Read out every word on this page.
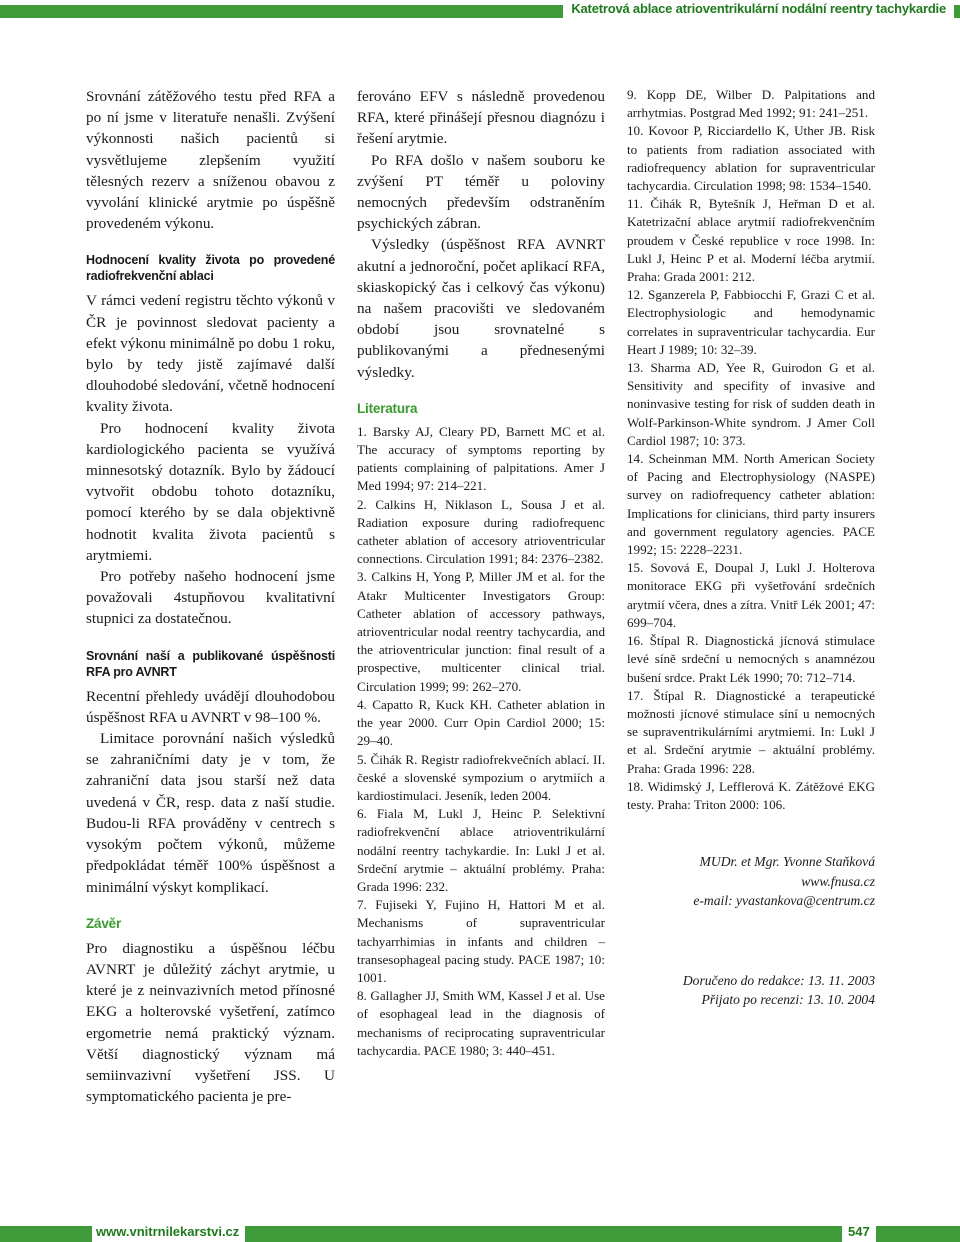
Katetrová ablace atrioventrikulární nodální reentry tachykardie

Srovnání zátěžového testu před RFA a po ní jsme v literatuře nenašli. Zvýšení výkonnosti našich pacientů si vysvětlujeme zlepšením využití tělesných rezerv a sníženou obavou z vyvolání klinické arytmie po úspěšně provedeném výkonu.

Hodnocení kvality života po provedené radiofrekvenční ablaci

V rámci vedení registru těchto výkonů v ČR je povinnost sledovat pacienty a efekt výkonu minimálně po dobu 1 roku, bylo by tedy jistě zajímavé další dlouhodobé sledování, včetně hodnocení kvality života.

Pro hodnocení kvality života kardiologického pacienta se využívá minnesotský dotazník. Bylo by žádoucí vytvořit obdobu tohoto dotazníku, pomocí kterého by se dala objektivně hodnotit kvalita života pacientů s arytmiemi.

Pro potřeby našeho hodnocení jsme považovali 4stupňovou kvalitativní stupnici za dostatečnou.

Srovnání naší a publikované úspěšnosti RFA pro AVNRT

Recentní přehledy uvádějí dlouhodobou úspěšnost RFA u AVNRT v 98–100 %.

Limitace porovnání našich výsledků se zahraničními daty je v tom, že zahraniční data jsou starší než data uvedená v ČR, resp. data z naší studie. Budou-li RFA prováděny v centrech s vysokým počtem výkonů, můžeme předpokládat téměř 100% úspěšnost a minimální výskyt komplikací.

Závěr

Pro diagnostiku a úspěšnou léčbu AVNRT je důležitý záchyt arytmie, u které je z neinvazivních metod přínosné EKG a holterovské vyšetření, zatímco ergometrie nemá praktický význam. Větší diagnostický význam má semiinvazivní vyšetření JSS. U symptomatického pacienta je pre-

ferováno EFV s následně provedenou RFA, které přinášejí přesnou diagnózu i řešení arytmie.

Po RFA došlo v našem souboru ke zvýšení PT téměř u poloviny nemocných především odstraněním psychických zábran.

Výsledky (úspěšnost RFA AVNRT akutní a jednoroční, počet aplikací RFA, skiaskopický čas i celkový čas výkonu) na našem pracovišti ve sledovaném období jsou srovnatelné s publikovanými a přednesenými výsledky.

Literatura

1. Barsky AJ, Cleary PD, Barnett MC et al. The accuracy of symptoms reporting by patients complaining of palpitations. Amer J Med 1994; 97: 214–221.

2. Calkins H, Niklason L, Sousa J et al. Radiation exposure during radiofrequenc catheter ablation of accesory atrioventricular connections. Circulation 1991; 84: 2376–2382.

3. Calkins H, Yong P, Miller JM et al. for the Atakr Multicenter Investigators Group: Catheter ablation of accessory pathways, atrioventricular nodal reentry tachycardia, and the atrioventricular junction: final result of a prospective, multicenter clinical trial. Circulation 1999; 99: 262–270.

4. Capatto R, Kuck KH. Catheter ablation in the year 2000. Curr Opin Cardiol 2000; 15: 29–40.

5. Čihák R. Registr radiofrekvečních ablací. II. české a slovenské sympozium o arytmiích a kardiostimulaci. Jeseník, leden 2004.

6. Fiala M, Lukl J, Heinc P. Selektivní radiofrekvenční ablace atrioventrikulární nodální reentry tachykardie. In: Lukl J et al. Srdeční arytmie – aktuální problémy. Praha: Grada 1996: 232.

7. Fujiseki Y, Fujino H, Hattori M et al. Mechanisms of supraventricular tachyarrhimias in infants and children – transesophageal pacing study. PACE 1987; 10: 1001.

8. Gallagher JJ, Smith WM, Kassel J et al. Use of esophageal lead in the diagnosis of mechanisms of reciprocating supraventricular tachycardia. PACE 1980; 3: 440–451.

9. Kopp DE, Wilber D. Palpitations and arrhytmias. Postgrad Med 1992; 91: 241–251.

10. Kovoor P, Ricciardello K, Uther JB. Risk to patients from radiation associated with radiofrequency ablation for supraventricular tachycardia. Circulation 1998; 98: 1534–1540.

11. Čihák R, Bytešník J, Heřman D et al. Katetrizační ablace arytmií radiofrekvenčním proudem v České republice v roce 1998. In: Lukl J, Heinc P et al. Moderní léčba arytmií. Praha: Grada 2001: 212.

12. Sganzerela P, Fabbiocchi F, Grazi C et al. Electrophysiologic and hemodynamic correlates in supraventricular tachycardia. Eur Heart J 1989; 10: 32–39.

13. Sharma AD, Yee R, Guirodon G et al. Sensitivity and specifity of invasive and noninvasive testing for risk of sudden death in Wolf-Parkinson-White syndrom. J Amer Coll Cardiol 1987; 10: 373.

14. Scheinman MM. North American Society of Pacing and Electrophysiology (NASPE) survey on radiofrequency catheter ablation: Implications for clinicians, third party insurers and government regulatory agencies. PACE 1992; 15: 2228–2231.

15. Sovová E, Doupal J, Lukl J. Holterova monitorace EKG při vyšetřování srdečních arytmií včera, dnes a zítra. Vnitř Lék 2001; 47: 699–704.

16. Štípal R. Diagnostická jícnová stimulace levé síně srdeční u nemocných s anamnézou bušení srdce. Prakt Lék 1990; 70: 712–714.

17. Štípal R. Diagnostické a terapeutické možnosti jícnové stimulace síní u nemocných se supraventrikulárními arytmiemi. In: Lukl J et al. Srdeční arytmie – aktuální problémy. Praha: Grada 1996: 228.

18. Widimský J, Lefflerová K. Zátěžové EKG testy. Praha: Triton 2000: 106.

MUDr. et Mgr. Yvonne Staňková
www.fnusa.cz
e-mail: yvastankova@centrum.cz
Doručeno do redakce: 13. 11. 2003
Přijato po recenzi: 13. 10. 2004
www.vnitrnilekarstvi.cz	547
